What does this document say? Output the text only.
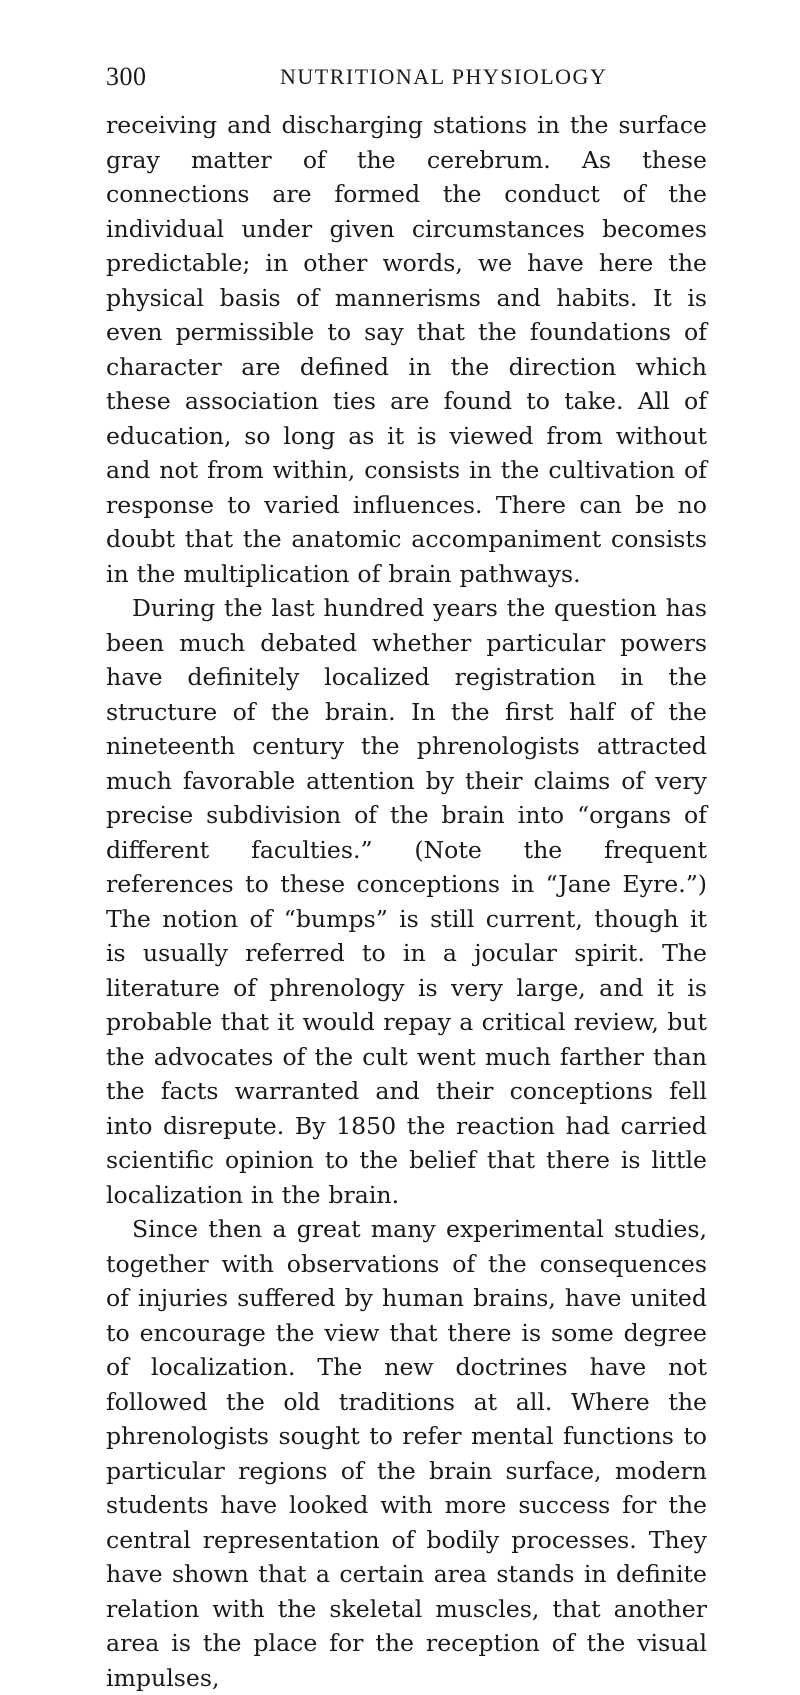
300	NUTRITIONAL PHYSIOLOGY

receiving and discharging stations in the surface gray matter of the cerebrum. As these connections are formed the conduct of the individual under given circumstances becomes predictable; in other words, we have here the physical basis of mannerisms and habits. It is even permissible to say that the foundations of character are defined in the direction which these association ties are found to take. All of education, so long as it is viewed from without and not from within, consists in the cultivation of response to varied influences. There can be no doubt that the anatomic accompaniment consists in the multiplication of brain pathways.

During the last hundred years the question has been much debated whether particular powers have definitely localized registration in the structure of the brain. In the first half of the nineteenth century the phrenologists attracted much favorable attention by their claims of very precise subdivision of the brain into “organs of different faculties.” (Note the frequent references to these conceptions in “Jane Eyre.”) The notion of “bumps” is still current, though it is usually referred to in a jocular spirit. The literature of phrenology is very large, and it is probable that it would repay a critical review, but the advocates of the cult went much farther than the facts warranted and their conceptions fell into disrepute. By 1850 the reaction had carried scientific opinion to the belief that there is little localization in the brain.

Since then a great many experimental studies, together with observations of the consequences of injuries suffered by human brains, have united to encourage the view that there is some degree of localization. The new doctrines have not followed the old traditions at all. Where the phrenologists sought to refer mental functions to particular regions of the brain surface, modern students have looked with more success for the central representation of bodily processes. They have shown that a certain area stands in definite relation with the skeletal muscles, that another area is the place for the reception of the visual impulses,
